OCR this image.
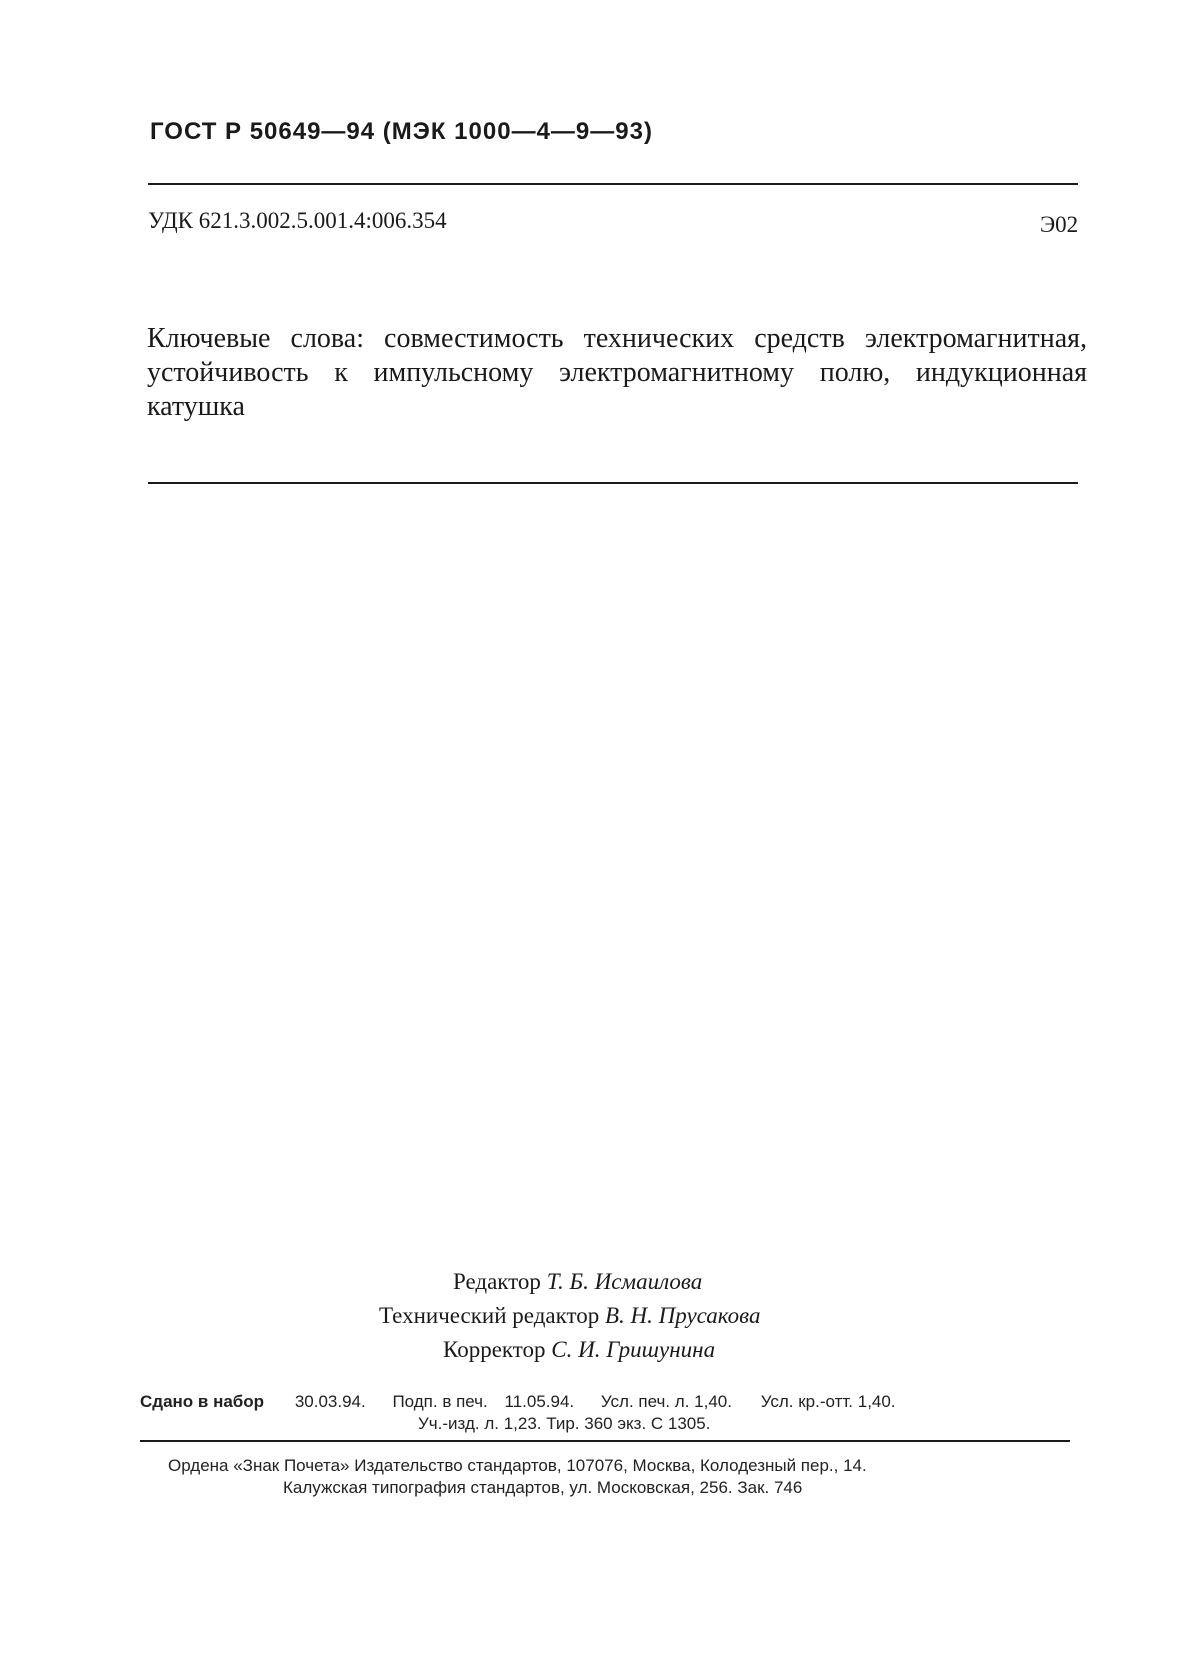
ГОСТ Р 50649—94 (МЭК 1000—4—9—93)
УДК 621.3.002.5.001.4:006.354	Э02
Ключевые слова: совместимость технических средств электромагнитная, устойчивость к импульсному электромагнитному полю, индукционная катушка
Редактор Т. Б. Исмаилова
Технический редактор В. Н. Прусакова
Корректор С. И. Гришунина
Сдано в набор 30.03.94. Подп. в печ. 11.05.94. Усл. печ. л. 1,40. Усл. кр.-отт. 1,40.
Уч.-изд. л. 1,23. Тир. 360 экз. С 1305.
Ордена «Знак Почета» Издательство стандартов, 107076, Москва, Колодезный пер., 14.
Калужская типография стандартов, ул. Московская, 256. Зак. 746
